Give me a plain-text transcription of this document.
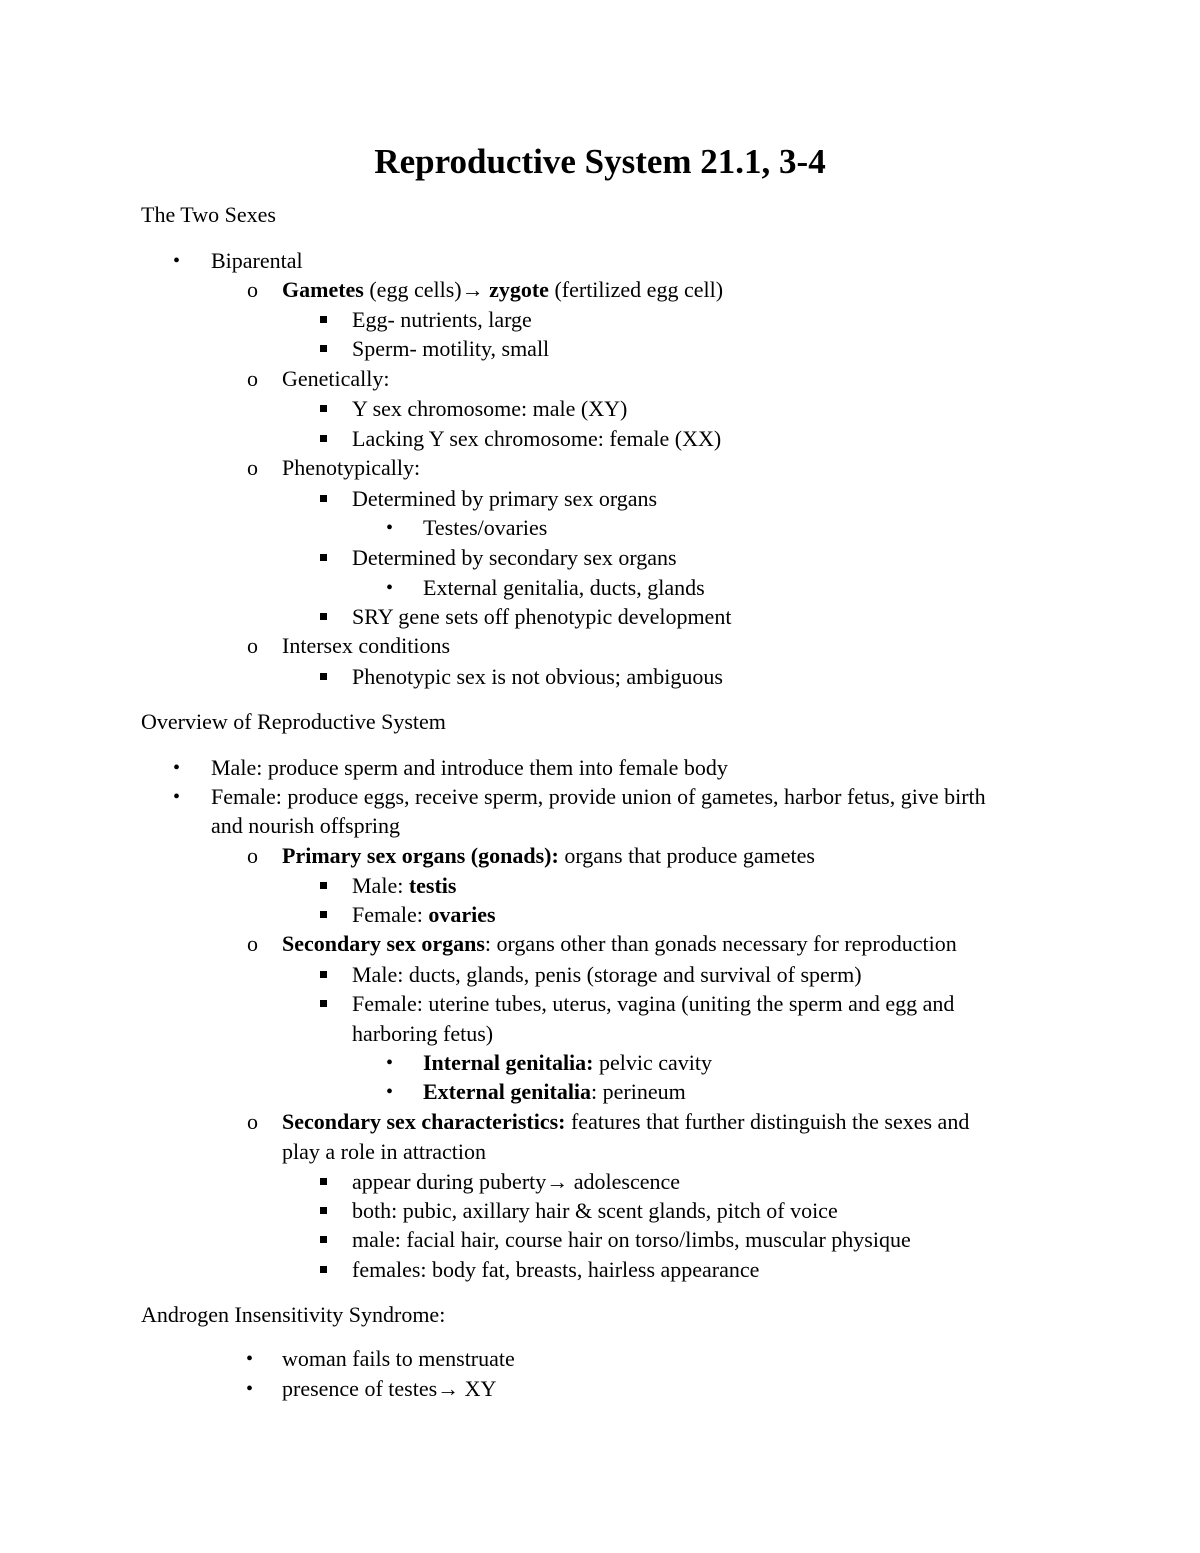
Reproductive System 21.1, 3-4
The Two Sexes
• Biparental
o Gametes (egg cells)→ zygote (fertilized egg cell)
Egg- nutrients, large
Sperm- motility, small
o Genetically:
Y sex chromosome: male (XY)
Lacking Y sex chromosome: female (XX)
o Phenotypically:
Determined by primary sex organs
• Testes/ovaries
Determined by secondary sex organs
• External genitalia, ducts, glands
SRY gene sets off phenotypic development
o Intersex conditions
Phenotypic sex is not obvious; ambiguous
Overview of Reproductive System
• Male: produce sperm and introduce them into female body
• Female: produce eggs, receive sperm, provide union of gametes, harbor fetus, give birth
and nourish offspring
o Primary sex organs (gonads): organs that produce gametes
Male: testis
Female: ovaries
o Secondary sex organs: organs other than gonads necessary for reproduction
Male: ducts, glands, penis (storage and survival of sperm)
Female: uterine tubes, uterus, vagina (uniting the sperm and egg and
harboring fetus)
• Internal genitalia: pelvic cavity
• External genitalia: perineum
o Secondary sex characteristics: features that further distinguish the sexes and
play a role in attraction
appear during puberty→ adolescence
both: pubic, axillary hair & scent glands, pitch of voice
male: facial hair, course hair on torso/limbs, muscular physique
females: body fat, breasts, hairless appearance
Androgen Insensitivity Syndrome:
• woman fails to menstruate
• presence of testes→ XY
